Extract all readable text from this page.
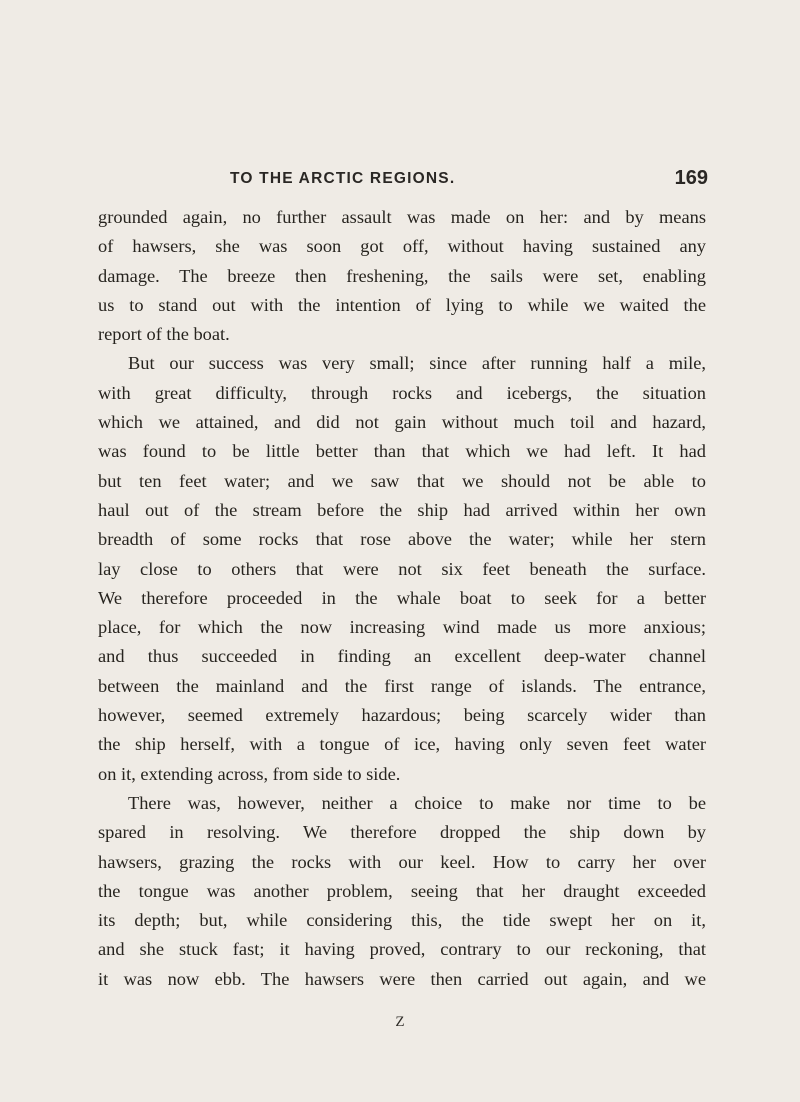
TO THE ARCTIC REGIONS.	169
grounded again, no further assault was made on her: and by means
of hawsers, she was soon got off, without having sustained any
damage. The breeze then freshening, the sails were set, enabling
us to stand out with the intention of lying to while we waited the
report of the boat.
But our success was very small; since after running half a mile,
with great difficulty, through rocks and icebergs, the situation
which we attained, and did not gain without much toil and hazard,
was found to be little better than that which we had left. It had
but ten feet water; and we saw that we should not be able to
haul out of the stream before the ship had arrived within her own
breadth of some rocks that rose above the water; while her stern
lay close to others that were not six feet beneath the surface.
We therefore proceeded in the whale boat to seek for a better
place, for which the now increasing wind made us more anxious;
and thus succeeded in finding an excellent deep-water channel
between the mainland and the first range of islands. The entrance,
however, seemed extremely hazardous; being scarcely wider than
the ship herself, with a tongue of ice, having only seven feet water
on it, extending across, from side to side.
There was, however, neither a choice to make nor time to be
spared in resolving. We therefore dropped the ship down by
hawsers, grazing the rocks with our keel. How to carry her over
the tongue was another problem, seeing that her draught exceeded
its depth; but, while considering this, the tide swept her on it,
and she stuck fast; it having proved, contrary to our reckoning, that
it was now ebb. The hawsers were then carried out again, and we
Z
